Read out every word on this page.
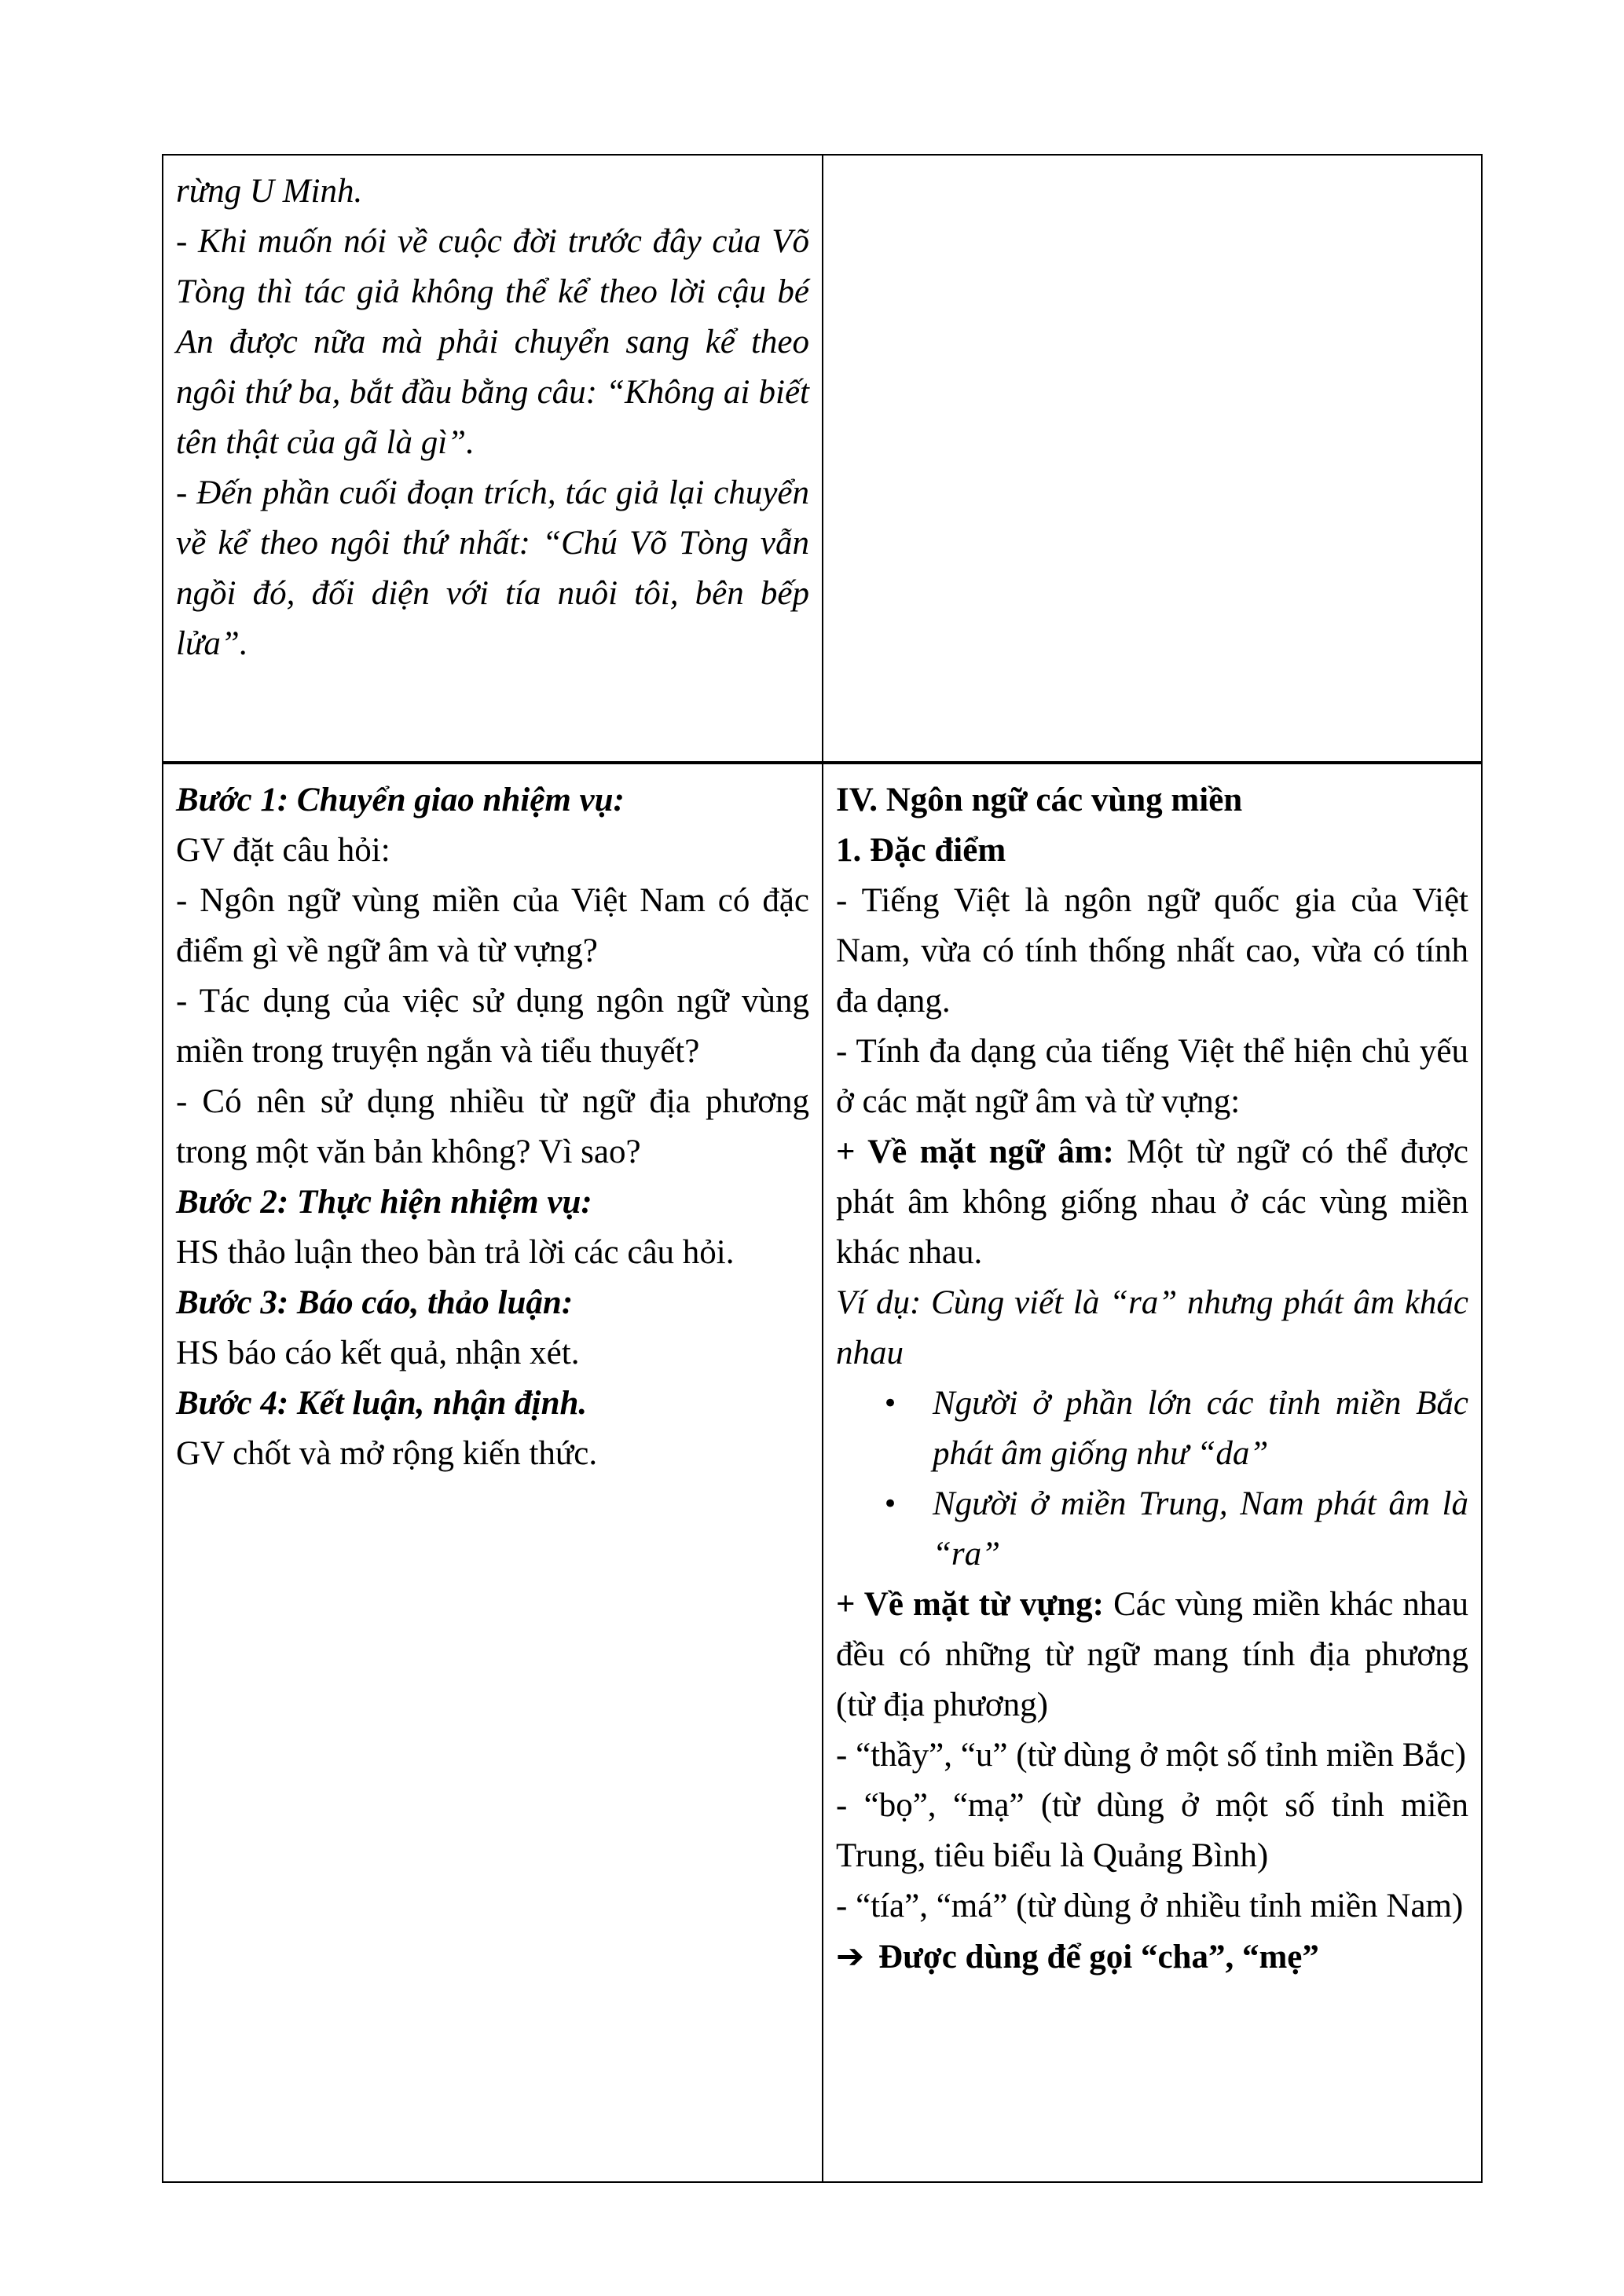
rừng U Minh.

- Khi muốn nói về cuộc đời trước đây của Võ Tòng thì tác giả không thể kể theo lời cậu bé An được nữa mà phải chuyển sang kể theo ngôi thứ ba, bắt đầu bằng câu: “Không ai biết tên thật của gã là gì”.

- Đến phần cuối đoạn trích, tác giả lại chuyển về kể theo ngôi thứ nhất: “Chú Võ Tòng vẫn ngồi đó, đối diện với tía nuôi tôi, bên bếp lửa”.

Bước 1: Chuyển giao nhiệm vụ:

GV đặt câu hỏi:

- Ngôn ngữ vùng miền của Việt Nam có đặc điểm gì về ngữ âm và từ vựng?

- Tác dụng của việc sử dụng ngôn ngữ vùng miền trong truyện ngắn và tiểu thuyết?

- Có nên sử dụng nhiều từ ngữ địa phương trong một văn bản không? Vì sao?

Bước 2: Thực hiện nhiệm vụ:

HS thảo luận theo bàn trả lời các câu hỏi.

Bước 3: Báo cáo, thảo luận:

HS báo cáo kết quả, nhận xét.

Bước 4: Kết luận, nhận định.

GV chốt và mở rộng kiến thức.

IV. Ngôn ngữ các vùng miền

1. Đặc điểm

- Tiếng Việt là ngôn ngữ quốc gia của Việt Nam, vừa có tính thống nhất cao, vừa có tính đa dạng.

- Tính đa dạng của tiếng Việt thể hiện chủ yếu ở các mặt ngữ âm và từ vựng:

+ Về mặt ngữ âm: Một từ ngữ có thể được phát âm không giống nhau ở các vùng miền khác nhau.

Ví dụ: Cùng viết là “ra” nhưng phát âm khác nhau

• Người ở phần lớn các tỉnh miền Bắc phát âm giống như “da”

• Người ở miền Trung, Nam phát âm là “ra”

+ Về mặt từ vựng: Các vùng miền khác nhau đều có những từ ngữ mang tính địa phương (từ địa phương)

- “thầy”, “u” (từ dùng ở một số tỉnh miền Bắc)

- “bọ”, “mạ” (từ dùng ở một số tỉnh miền Trung, tiêu biểu là Quảng Bình)

- “tía”, “má” (từ dùng ở nhiều tỉnh miền Nam)

➔ Được dùng để gọi “cha”, “mẹ”
